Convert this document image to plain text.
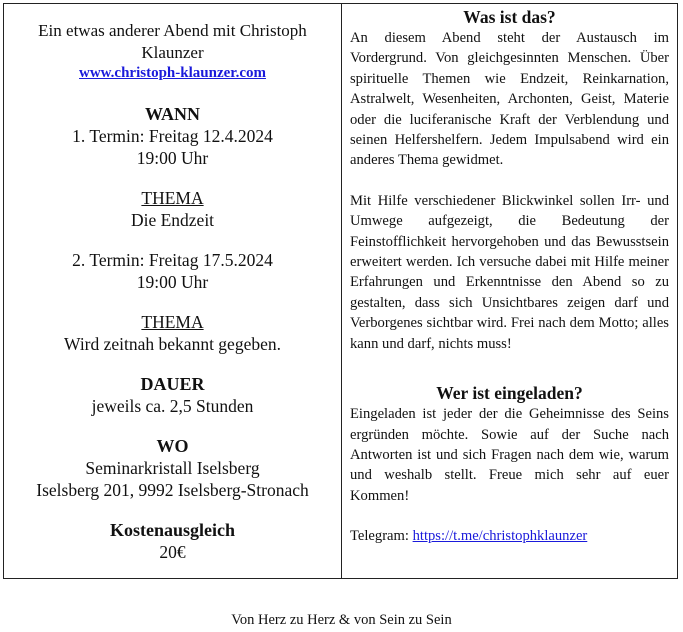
Ein etwas anderer Abend mit Christoph Klaunzer
www.christoph-klaunzer.com
WANN
1. Termin: Freitag 12.4.2024
19:00 Uhr
THEMA
Die Endzeit
2. Termin: Freitag 17.5.2024
19:00 Uhr
THEMA
Wird zeitnah bekannt gegeben.
DAUER
jeweils ca. 2,5 Stunden
WO
Seminarkristall Iselsberg
Iselsberg 201, 9992 Iselsberg-Stronach
Kostenausgleich
20€
Was ist das?

An diesem Abend steht der Austausch im Vordergrund. Von gleichgesinnten Menschen. Über spirituelle Themen wie Endzeit, Reinkarnation, Astralwelt, Wesenheiten, Archonten, Geist, Materie oder die luciferanische Kraft der Verblendung und seinen Helfershelfern. Jedem Impulsabend wird ein anderes Thema gewidmet.

Mit Hilfe verschiedener Blickwinkel sollen Irr- und Umwege aufgezeigt, die Bedeutung der Feinstofflichkeit hervorgehoben und das Bewusstsein erweitert werden. Ich versuche dabei mit Hilfe meiner Erfahrungen und Erkenntnisse den Abend so zu gestalten, dass sich Unsichtbares zeigen darf und Verborgenes sichtbar wird. Frei nach dem Motto; alles kann und darf, nichts muss!

Wer ist eingeladen?

Eingeladen ist jeder der die Geheimnisse des Seins ergründen möchte. Sowie auf der Suche nach Antworten ist und sich Fragen nach dem wie, warum und weshalb stellt. Freue mich sehr auf euer Kommen!

Telegram: https://t.me/christophklaunzer

Von Herz zu Herz & von Sein zu Sein
